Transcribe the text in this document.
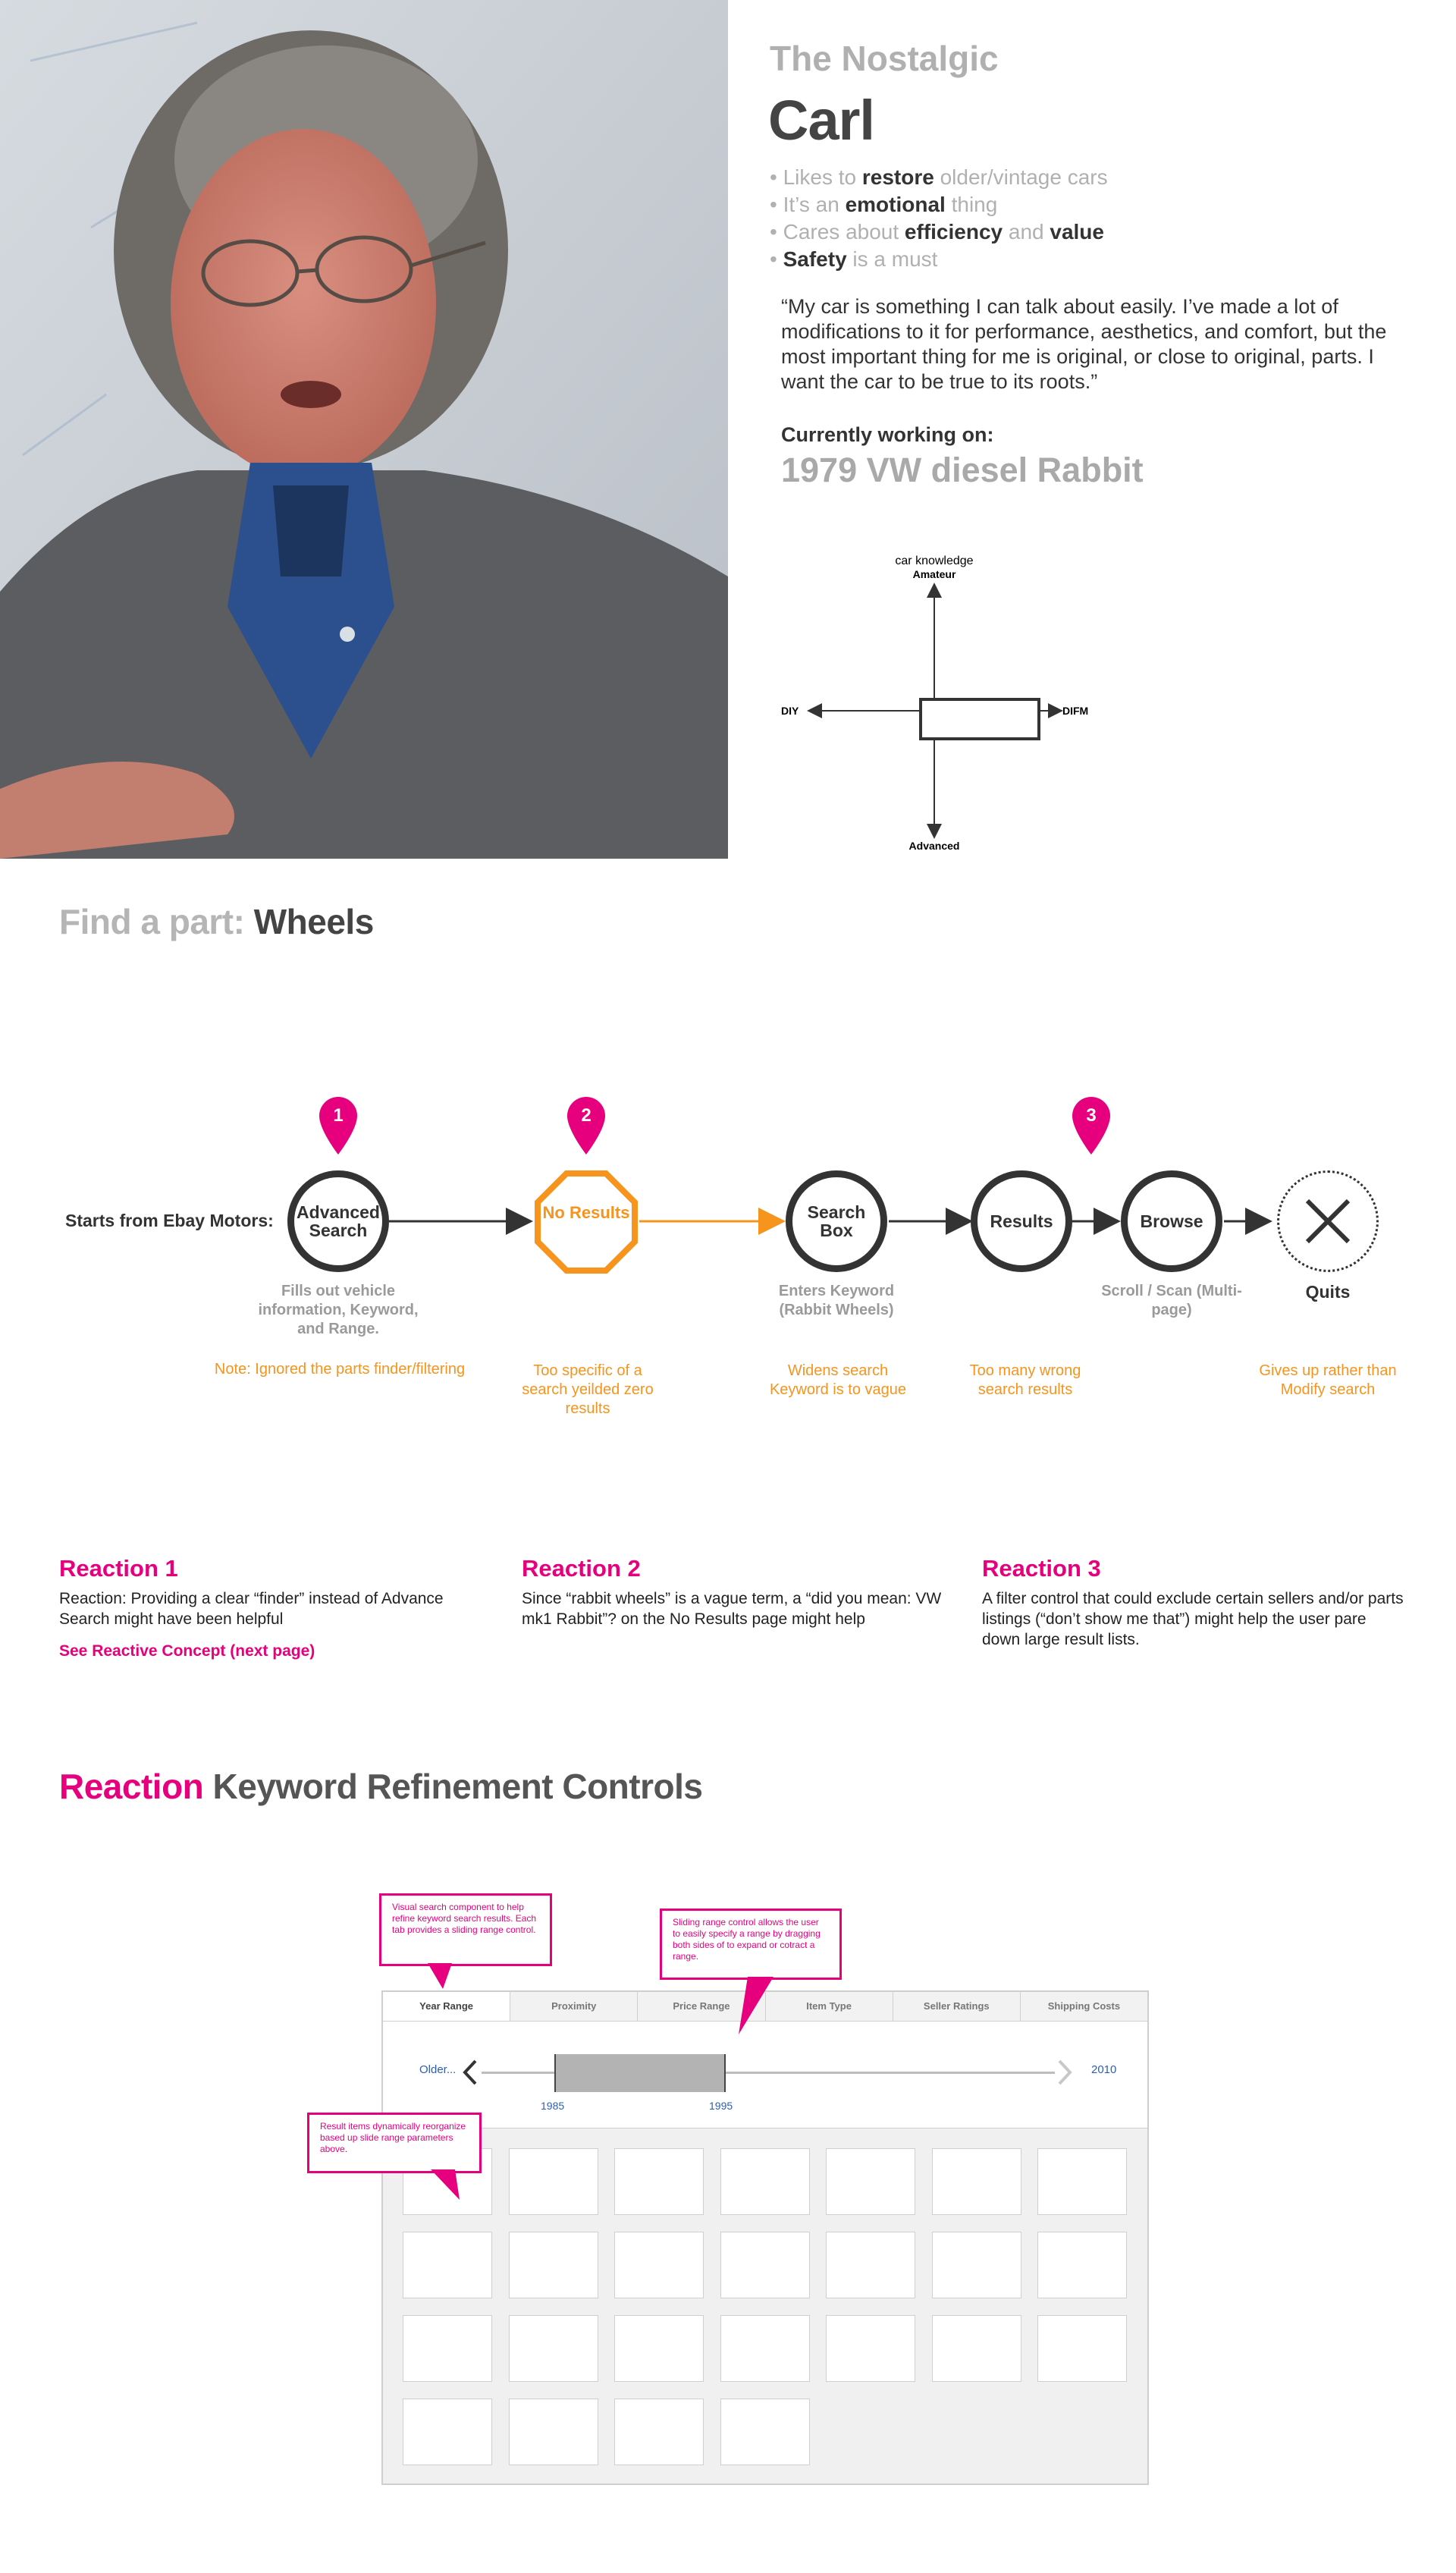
The Nostalgic
Carl
• Likes to restore older/vintage cars
• It’s an emotional thing
• Cares about efficiency and value
• Safety is a must
“My car is something I can talk about easily. I’ve made a lot of modifications to it for performance, aesthetics, and comfort, but the most important thing for me is original, or close to original, parts. I want the car to be true to its roots.”
Currently working on:
1979 VW diesel Rabbit
car knowledge
Amateur
Advanced
DIY	DIFM
Find a part: Wheels
Starts from Ebay Motors:
1	2	3
Advanced Search
No Results	Search Box	Results	Browse
Fills out vehicle information, Keyword, and Range.
Enters Keyword (Rabbit Wheels)
Scroll / Scan (Multi-page)
Quits
Note: Ignored the parts finder/filtering	Too specific of a search yeilded zero results
Widens search Keyword is to vague
Too many wrong search results
Gives up rather than Modify search
Reaction 1
Reaction: Providing a clear “finder” instead of Advance Search might have been helpful
See Reactive Concept (next page)
Reaction 2
Since “rabbit wheels” is a vague term, a “did you mean: VW mk1 Rabbit”? on the No Results page might help
Reaction 3
A filter control that could exclude certain sellers and/or parts listings (“don’t show me that”) might help the user pare down large result lists.
Reaction Keyword Refinement Controls
Year Range	Proximity	Price Range	Item Type	Seller Ratings	Shipping Costs
Older...	2010
1985	1995
Visual search component to help refine keyword search results. Each tab provides a sliding range control.
Sliding range control allows the user to easily specify a range by dragging both sides of to expand or cotract a range.
Result items dynamically reorganize based up slide range parameters above.
